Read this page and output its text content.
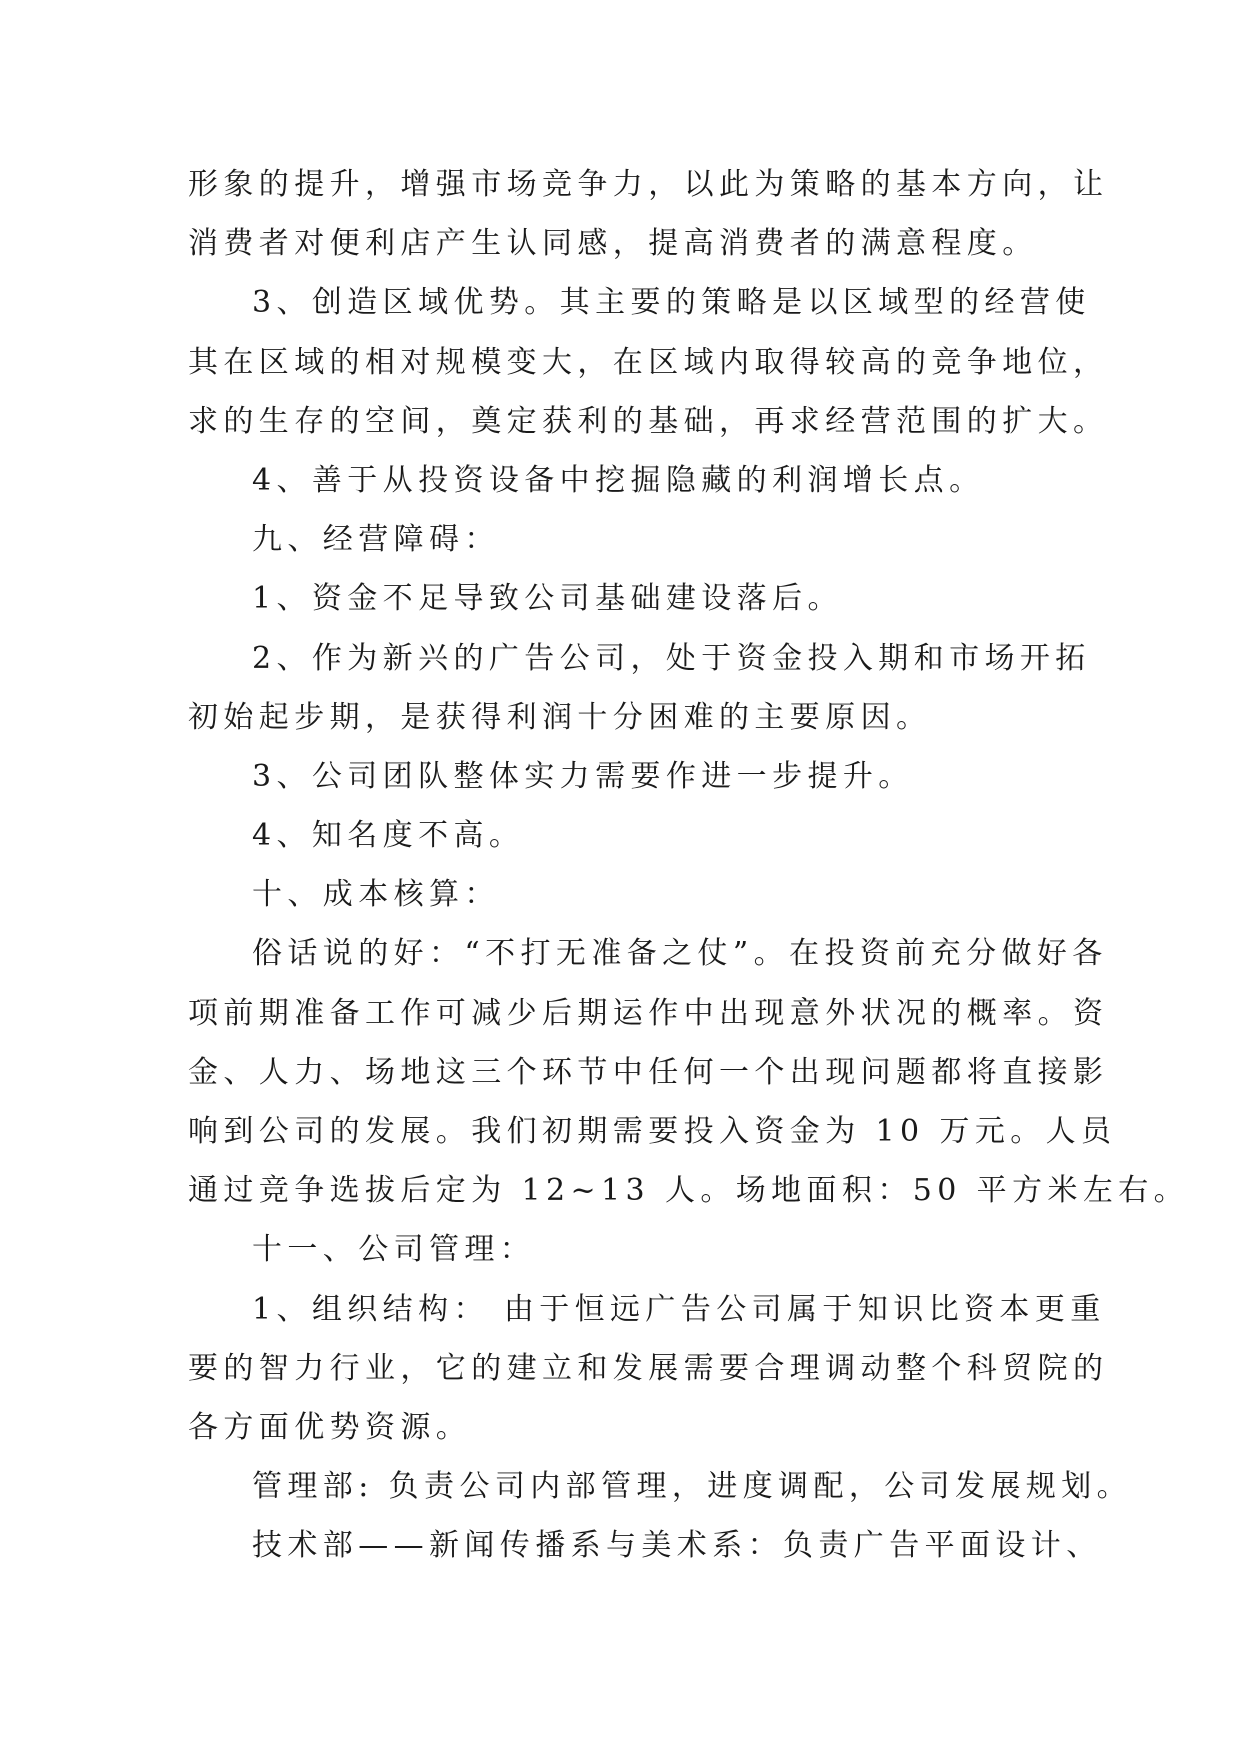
形象的提升，增强市场竞争力，以此为策略的基本方向，让
消费者对便利店产生认同感，提高消费者的满意程度。
3、创造区域优势。其主要的策略是以区域型的经营使
其在区域的相对规模变大，在区域内取得较高的竞争地位，
求的生存的空间，奠定获利的基础，再求经营范围的扩大。
4、善于从投资设备中挖掘隐藏的利润增长点。
九、经营障碍：
1、资金不足导致公司基础建设落后。
2、作为新兴的广告公司，处于资金投入期和市场开拓
初始起步期，是获得利润十分困难的主要原因。
3、公司团队整体实力需要作进一步提升。
4、知名度不高。
十、成本核算：
俗话说的好：“不打无准备之仗”。在投资前充分做好各
项前期准备工作可减少后期运作中出现意外状况的概率。资
金、人力、场地这三个环节中任何一个出现问题都将直接影
响到公司的发展。我们初期需要投入资金为 10 万元。人员
通过竞争选拔后定为 12~13 人。场地面积：50 平方米左右。
十一、公司管理：
1、组织结构： 由于恒远广告公司属于知识比资本更重
要的智力行业，它的建立和发展需要合理调动整个科贸院的
各方面优势资源。
管理部: 负责公司内部管理，进度调配，公司发展规划。
技术部——新闻传播系与美术系：负责广告平面设计、
